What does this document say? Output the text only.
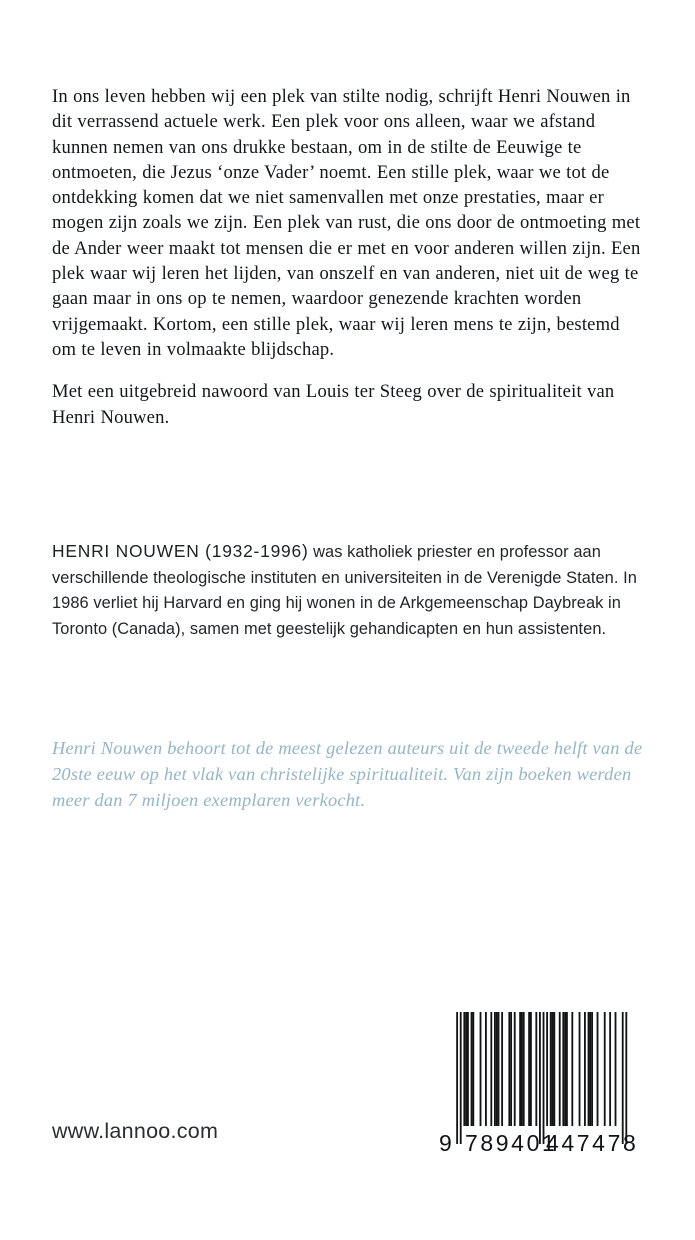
In ons leven hebben wij een plek van stilte nodig, schrijft Henri Nouwen in dit verrassend actuele werk. Een plek voor ons alleen, waar we afstand kunnen nemen van ons drukke bestaan, om in de stilte de Eeuwige te ontmoeten, die Jezus ‘onze Vader’ noemt. Een stille plek, waar we tot de ontdekking komen dat we niet samenvallen met onze prestaties, maar er mogen zijn zoals we zijn. Een plek van rust, die ons door de ontmoeting met de Ander weer maakt tot mensen die er met en voor anderen willen zijn. Een plek waar wij leren het lijden, van onszelf en van anderen, niet uit de weg te gaan maar in ons op te nemen, waardoor genezende krachten worden vrijgemaakt. Kortom, een stille plek, waar wij leren mens te zijn, bestemd om te leven in volmaakte blijdschap.

Met een uitgebreid nawoord van Louis ter Steeg over de spiritualiteit van Henri Nouwen.

HENRI NOUWEN (1932-1996) was katholiek priester en professor aan verschillende theologische instituten en universiteiten in de Verenigde Staten. In 1986 verliet hij Harvard en ging hij wonen in de Arkgemeenschap Daybreak in Toronto (Canada), samen met geestelijk gehandicapten en hun assistenten.

Henri Nouwen behoort tot de meest gelezen auteurs uit de tweede helft van de 20ste eeuw op het vlak van christelijke spiritualiteit. Van zijn boeken werden meer dan 7 miljoen exemplaren verkocht.

www.lannoo.com	9 789401
447478
